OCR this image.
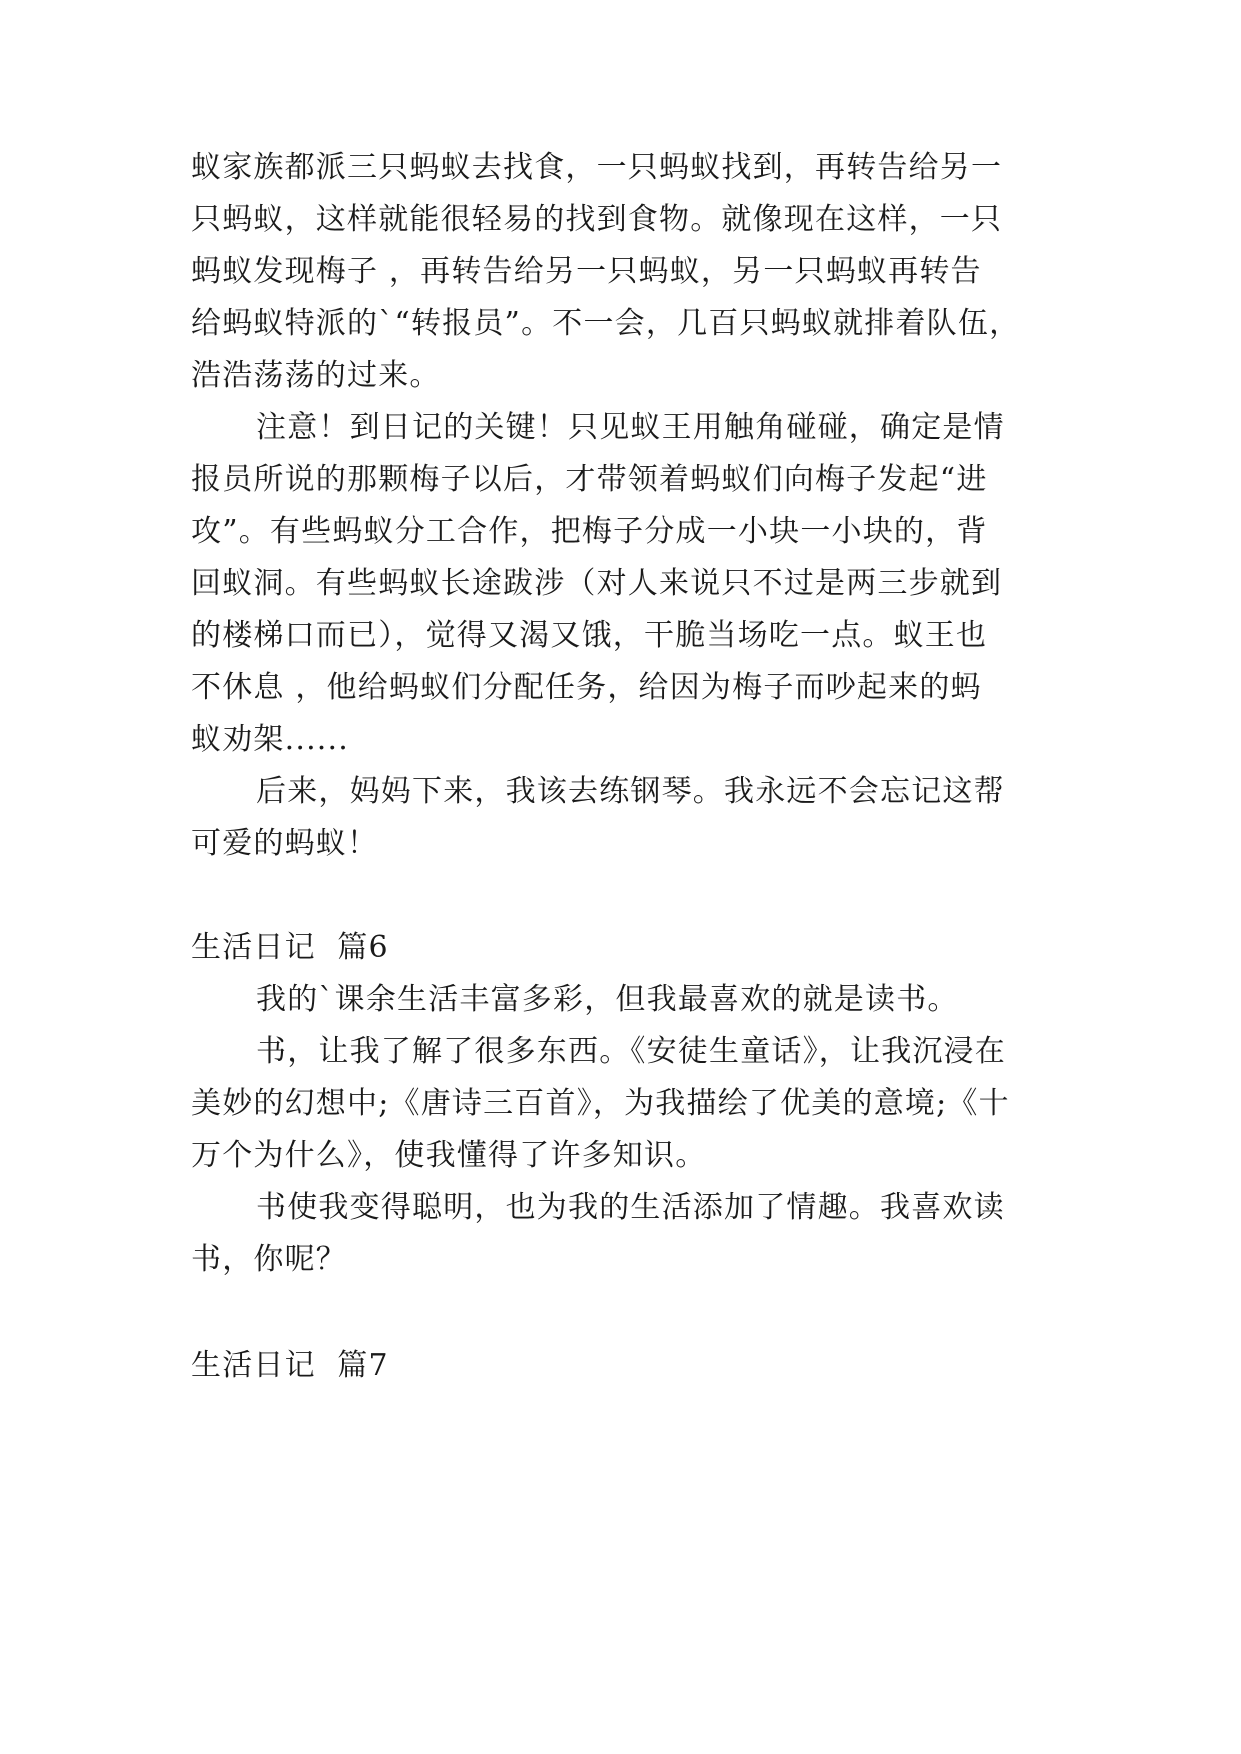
蚁家族都派三只蚂蚁去找食，一只蚂蚁找到，再转告给另一
只蚂蚁，这样就能很轻易的找到食物。就像现在这样，一只
蚂蚁发现梅子 ，再转告给另一只蚂蚁，另一只蚂蚁再转告
给蚂蚁特派的`“转报员”。不一会，几百只蚂蚁就排着队伍，
浩浩荡荡的过来。
注意！到日记的关键！只见蚁王用触角碰碰，确定是情
报员所说的那颗梅子以后，才带领着蚂蚁们向梅子发起“进
攻”。有些蚂蚁分工合作，把梅子分成一小块一小块的，背
回蚁洞。有些蚂蚁长途跋涉（对人来说只不过是两三步就到
的楼梯口而已），觉得又渴又饿，干脆当场吃一点。蚁王也
不休息 ，他给蚂蚁们分配任务，给因为梅子而吵起来的蚂
蚁劝架......
后来，妈妈下来，我该去练钢琴。我永远不会忘记这帮
可爱的蚂蚁！
生活日记  篇6
我的`课余生活丰富多彩，但我最喜欢的就是读书。
书，让我了解了很多东西。《安徒生童话》，让我沉浸在
美妙的幻想中;《唐诗三百首》，为我描绘了优美的意境;《十
万个为什么》，使我懂得了许多知识。
书使我变得聪明，也为我的生活添加了情趣。我喜欢读
书，你呢？
生活日记  篇7
